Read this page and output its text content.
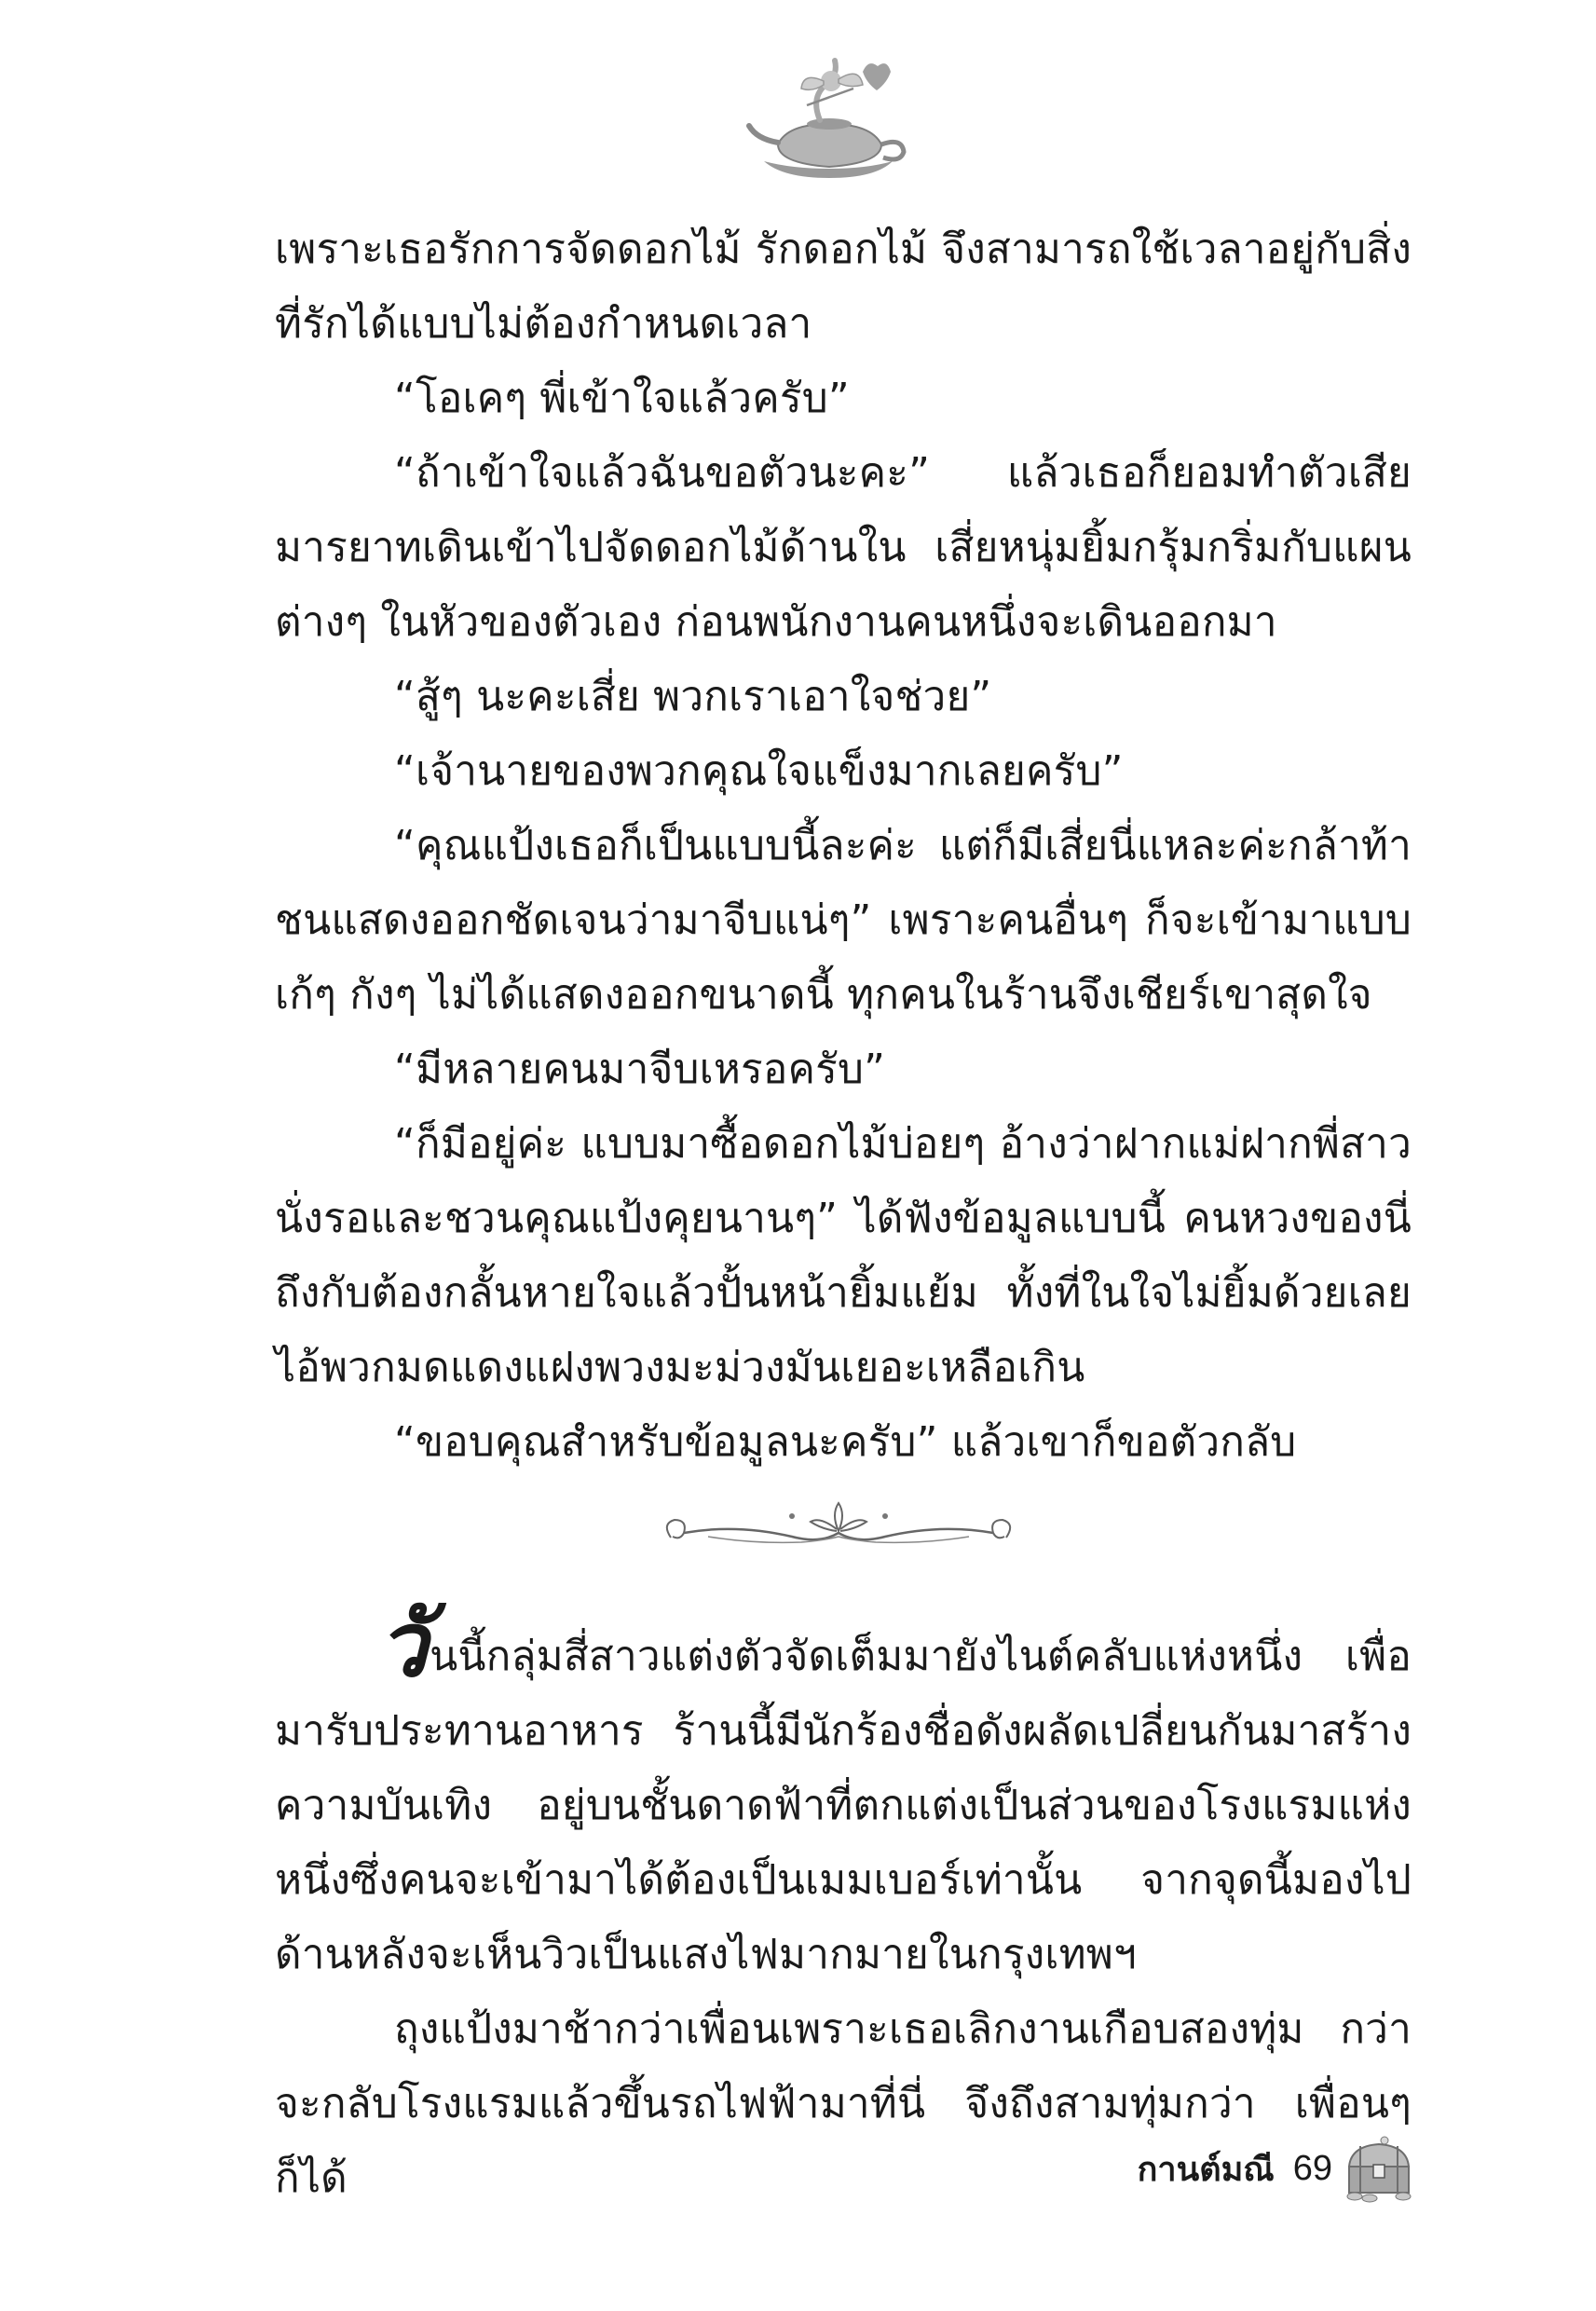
เพราะเธอรักการจัดดอกไม้ รักดอกไม้ จึงสามารถใช้เวลาอยู่กับสิ่งที่รักได้แบบไม่ต้องกำหนดเวลา

“โอเคๆ พี่เข้าใจแล้วครับ”

“ถ้าเข้าใจแล้วฉันขอตัวนะคะ” แล้วเธอก็ยอมทำตัวเสียมารยาทเดินเข้าไปจัดดอกไม้ด้านใน เสี่ยหนุ่มยิ้มกรุ้มกริ่มกับแผนต่างๆ ในหัวของตัวเอง ก่อนพนักงานคนหนึ่งจะเดินออกมา

“สู้ๆ นะคะเสี่ย พวกเราเอาใจช่วย”

“เจ้านายของพวกคุณใจแข็งมากเลยครับ”

“คุณแป้งเธอก็เป็นแบบนี้ละค่ะ แต่ก็มีเสี่ยนี่แหละค่ะกล้าท้าชนแสดงออกชัดเจนว่ามาจีบแน่ๆ” เพราะคนอื่นๆ ก็จะเข้ามาแบบเก้ๆ กังๆ ไม่ได้แสดงออกขนาดนี้ ทุกคนในร้านจึงเชียร์เขาสุดใจ

“มีหลายคนมาจีบเหรอครับ”

“ก็มีอยู่ค่ะ แบบมาซื้อดอกไม้บ่อยๆ อ้างว่าฝากแม่ฝากพี่สาวนั่งรอและชวนคุณแป้งคุยนานๆ” ได้ฟังข้อมูลแบบนี้ คนหวงของนี่ถึงกับต้องกลั้นหายใจแล้วปั้นหน้ายิ้มแย้ม ทั้งที่ในใจไม่ยิ้มด้วยเลยไอ้พวกมดแดงแฝงพวงมะม่วงมันเยอะเหลือเกิน

“ขอบคุณสำหรับข้อมูลนะครับ” แล้วเขาก็ขอตัวกลับ

วันนี้กลุ่มสี่สาวแต่งตัวจัดเต็มมายังไนต์คลับแห่งหนึ่ง เพื่อมารับประทานอาหาร ร้านนี้มีนักร้องชื่อดังผลัดเปลี่ยนกันมาสร้างความบันเทิง อยู่บนชั้นดาดฟ้าที่ตกแต่งเป็นส่วนของโรงแรมแห่งหนึ่งซึ่งคนจะเข้ามาได้ต้องเป็นเมมเบอร์เท่านั้น จากจุดนี้มองไปด้านหลังจะเห็นวิวเป็นแสงไฟมากมายในกรุงเทพฯ

ถุงแป้งมาช้ากว่าเพื่อนเพราะเธอเลิกงานเกือบสองทุ่ม กว่าจะกลับโรงแรมแล้วขึ้นรถไฟฟ้ามาที่นี่ จึงถึงสามทุ่มกว่า เพื่อนๆ ก็ได้	กานต์มณี 69
